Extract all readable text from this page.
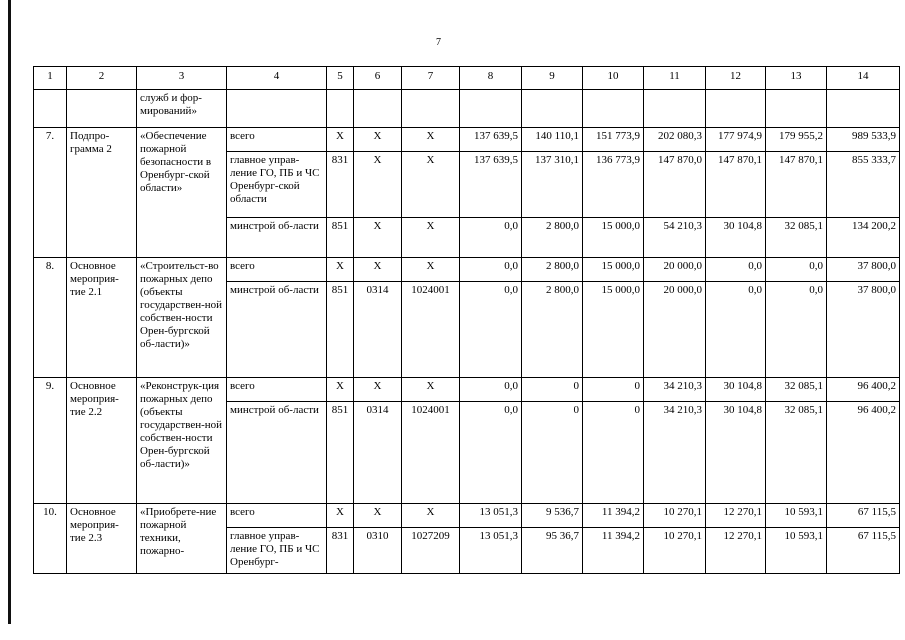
7
1	2	3	4	5	6	7	8	9	10	11	12	13	14
		служб и фор-мирований»											
7.	Подпро-грамма 2	«Обеспечение пожарной безопасности в Оренбург-ской области»	всего	Х	Х	Х	137 639,5	140 110,1	151 773,9	202 080,3	177 974,9	179 955,2	989 533,9
			главное управ-ление ГО, ПБ и ЧС Оренбург-ской области	831	Х	Х	137 639,5	137 310,1	136 773,9	147 870,0	147 870,1	147 870,1	855 333,7
			минстрой об-ласти	851	Х	Х	0,0	2 800,0	15 000,0	54 210,3	30 104,8	32 085,1	134 200,2
8.	Основное мероприя-тие 2.1	«Строительст-во пожарных депо (объекты государствен-ной собствен-ности Орен-бургской об-ласти)»	всего	Х	Х	Х	0,0	2 800,0	15 000,0	20 000,0	0,0	0,0	37 800,0
			минстрой об-ласти	851	0314	1024001	0,0	2 800,0	15 000,0	20 000,0	0,0	0,0	37 800,0
9.	Основное мероприя-тие 2.2	«Реконструк-ция пожарных депо (объекты государствен-ной собствен-ности Орен-бургской об-ласти)»	всего	Х	Х	Х	0,0	0	0	34 210,3	30 104,8	32 085,1	96 400,2
			минстрой об-ласти	851	0314	1024001	0,0	0	0	34 210,3	30 104,8	32 085,1	96 400,2
10.	Основное мероприя-тие 2.3	«Приобрете-ние пожарной техники, пожарно-	всего	Х	Х	Х	13 051,3	9 536,7	11 394,2	10 270,1	12 270,1	10 593,1	67 115,5
			главное управ-ление ГО, ПБ и ЧС Оренбург-	831	0310	1027209	13 051,3	95 36,7	11 394,2	10 270,1	12 270,1	10 593,1	67 115,5
